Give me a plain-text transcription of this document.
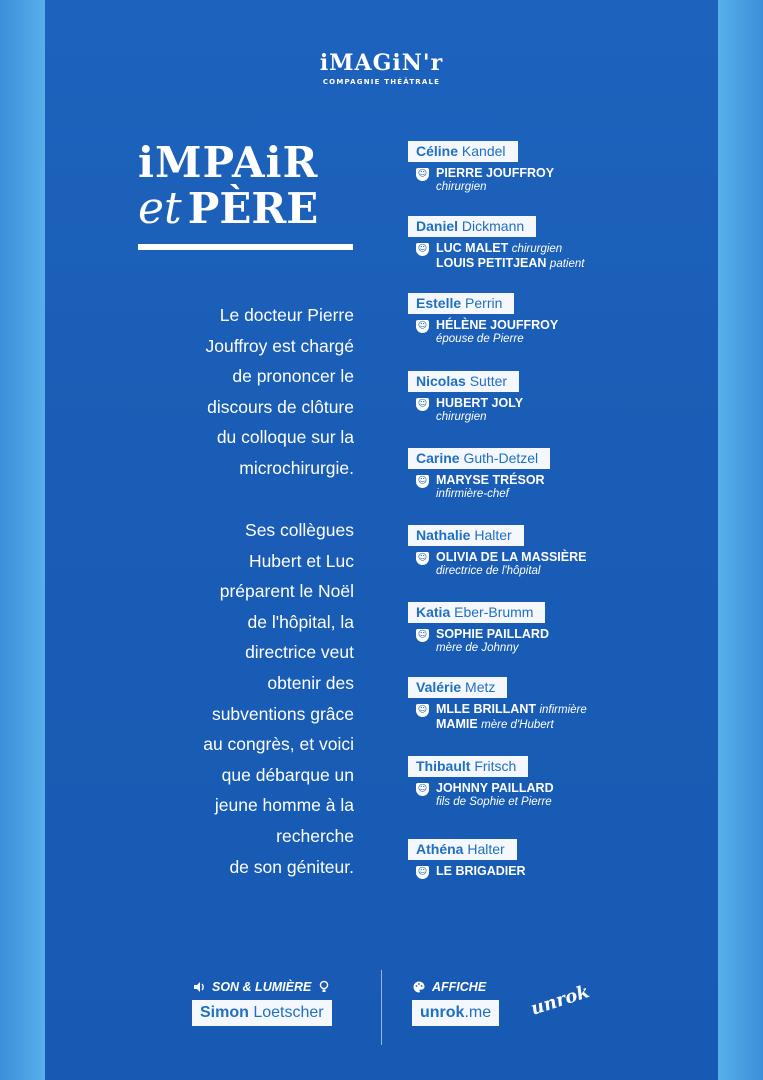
iMAGiN'r
COMPAGNIE THÉÂTRALE
iMPAiR
et PÈRE
Le docteur Pierre
Jouffroy est chargé
de prononcer le
discours de clôture
du colloque sur la
microchirurgie.
Ses collègues
Hubert et Luc
préparent le Noël
de l'hôpital, la
directrice veut
obtenir des
subventions grâce
au congrès, et voici
que débarque un
jeune homme à la
recherche
de son géniteur.
Céline Kandel
☺ PIERRE JOUFFROY
chirurgien
Daniel Dickmann
☺ LUC MALET chirurgien
LOUIS PETITJEAN patient
Estelle Perrin
☺ HÉLÈNE JOUFFROY
épouse de Pierre
Nicolas Sutter
☺ HUBERT JOLY
chirurgien
Carine Guth-Detzel
☺ MARYSE TRÉSOR
infirmière-chef
Nathalie Halter
☺ OLIVIA DE LA MASSIÈRE
directrice de l'hôpital
Katia Eber-Brumm
☺ SOPHIE PAILLARD
mère de Johnny
Valérie Metz
☺ MLLE BRILLANT infirmière
MAMIE mère d'Hubert
Thibault Fritsch
☺ JOHNNY PAILLARD
fils de Sophie et Pierre
Athéna Halter
☺ LE BRIGADIER
SON & LUMIÈRE
Simon Loetscher
AFFICHE
unrok.me	unrok
